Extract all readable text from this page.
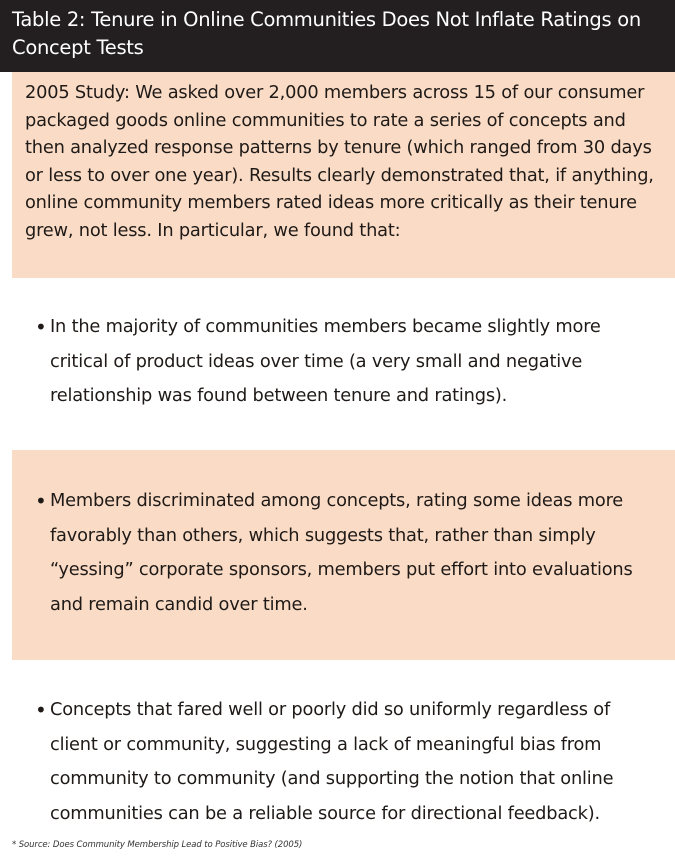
Table 2: Tenure in Online Communities Does Not Inflate Ratings on Concept Tests
2005 Study: We asked over 2,000 members across 15 of our consumer packaged goods online communities to rate a series of concepts and then analyzed response patterns by tenure (which ranged from 30 days or less to over one year). Results clearly demonstrated that, if anything, online community members rated ideas more critically as their tenure grew, not less. In particular, we found that:
• In the majority of communities members became slightly more critical of product ideas over time (a very small and negative relationship was found between tenure and ratings).
• Members discriminated among concepts, rating some ideas more favorably than others, which suggests that, rather than simply “yessing” corporate sponsors, members put effort into evaluations and remain candid over time.
• Concepts that fared well or poorly did so uniformly regardless of client or community, suggesting a lack of meaningful bias from community to community (and supporting the notion that online communities can be a reliable source for directional feedback).
* Source: Does Community Membership Lead to Positive Bias? (2005)
